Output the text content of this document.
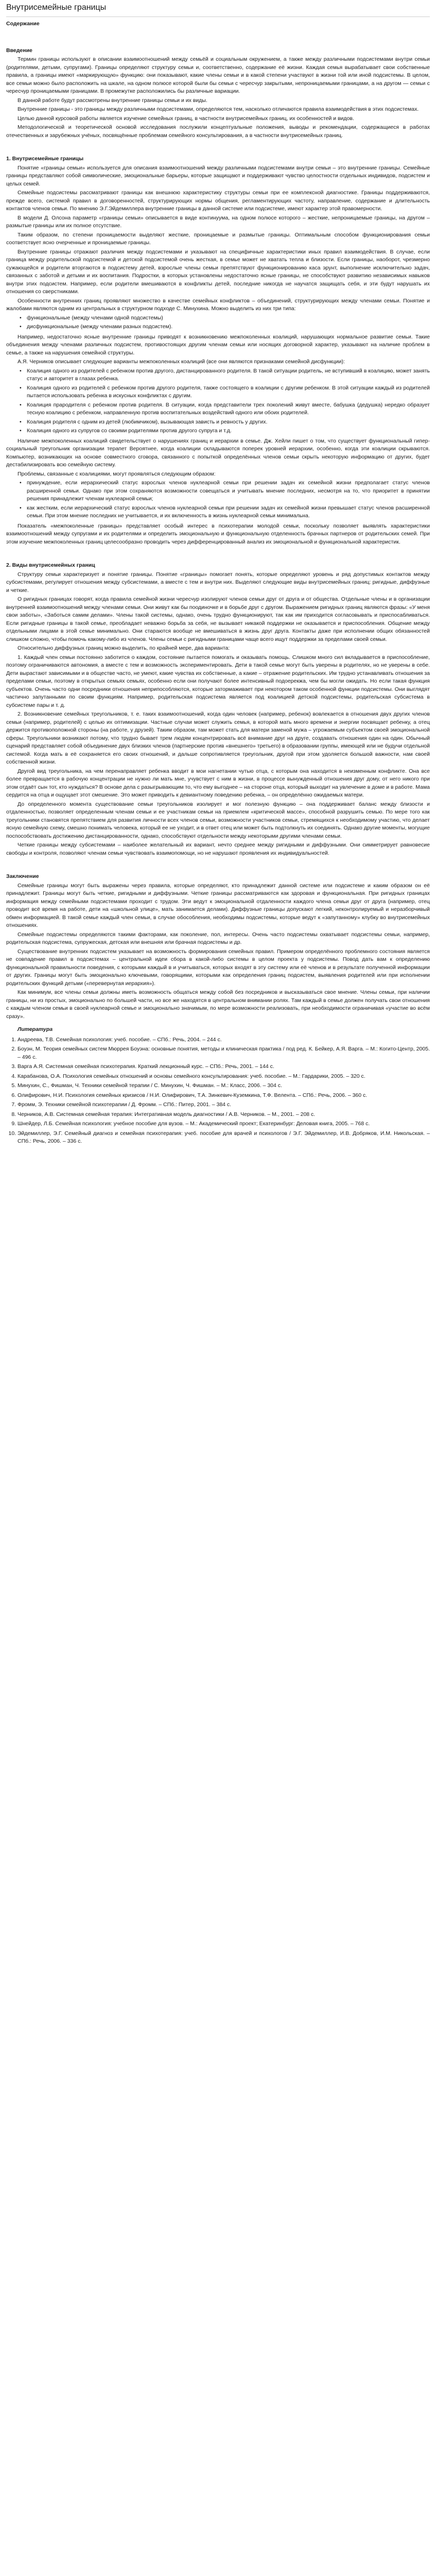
Внутрисемейные границы
Содержание
Введение

Термин границы используют в описании взаимоотношений между семьёй и социальным окружением, а также между различными подсистемами внутри семьи (родителями, детьми, супругами). Границы определяют структуру семьи и, соответственно, содержание её жизни. Каждая семья вырабатывает свои собственные правила, а границы имеют «маркирующую» функцию: они показывают, какие члены семьи и в какой степени участвуют в жизни той или иной подсистемы. В целом, все семьи можно было расположить на шкале, на одном полюсе которой были бы семьи с чересчур закрытыми, непроницаемыми границами, а на другом — семьи с чересчур проницаемыми границами. В промежутке расположились бы различные вариации.

В данной работе будут рассмотрены внутренние границы семьи и их виды.

Внутренние границы - это границы между различными подсистемами, определяются тем, насколько отличаются правила взаимодействия в этих подсистемах.

Целью данной курсовой работы является изучение семейных границ, в частности внутрисемейных границ, их особенностей и видов.

Методологической и теоретической основой исследования послужили концептуальные положения, выводы и рекомендации, содержащиеся в работах отечественных и зарубежных учёных, посвящённые проблемам семейного консультирования, а в частности внутрисемейных границ.

1. Внутрисемейные границы

Понятие «границы семьи» используется для описания взаимоотношений между различными подсистемами внутри семьи – это внутренние границы. Семейные границы представляют собой символические, эмоциональные барьеры, которые защищают и поддерживают чувство целостности отдельных индивидов, подсистем и целых семей.

Семейные подсистемы рассматривают границы как внешнюю характеристику структуры семьи при ее комплексной диагностике. Границы поддерживаются, прежде всего, системой правил в договоренностей, структурирующих нормы общения, регламентирующих частоту, направление, содержание и длительность контактов членов семьи. По мнению Э.Г.Эйдемиллера внутренние границы в данной системе или подсистеме, имеют характер этой правомерности.

В модели Д. Олсона параметр «границы семьи» описывается в виде континуума, на одном полюсе которого – жесткие, непроницаемые границы, на другом – размытые границы или их полное отсутствие.

Таким образом, по степени проницаемости выделяют жесткие, проницаемые и размытые границы. Оптимальным способом функционирования семьи соответствует ясно очерченные и проницаемые границы.

Внутренние границы отражают различия между подсистемами и указывают на специфичные характеристики иных правил взаимодействия. В случае, если граница между родительской подсистемой и детской подсистемой очень жесткая, в семье может не хватать тепла и близости. Если границы, наоборот, чрезмерно сужающейся и родители вторгаются в подсистему детей, взрослые члены семьи препятствуют функционированию каса эрунт, выполнение исключительно задач, связанных с заботой и детьми и их воспитания. Подростки, в которых установлены недостаточно ясные границы, не способствуют развитию независимых навыков внутри этих подсистем. Например, если родители вмешиваются в конфликты детей, последние никогда не научатся защищать себя, и эти будут нарушать их отношения со сверстниками.

Особенности внутренних границ проявляют множество в качестве семейных конфликтов – объединений, структурирующих между членами семьи. Понятие и жалобами являются одним из центральных в структурном подходе С. Минухина. Можно выделить из них три типа:

• функциональные (между членами одной подсистемы)
• дисфункциональные (между членами разных подсистем).

Например, недостаточно ясные внутренние границы приводят к возникновению межпоколенных коалиций, нарушающих нормальное развитие семьи. Такие объединения между членами различных подсистем, противостоящих другим членам семьи или носящих договорной характер, указывают на наличие проблем в семье, а также на нарушения семейной структуры.

А.Я. Черников описывает следующие варианты межпоколенных коалиций (все они являются признаками семейной дисфункции):

• Коалиция одного из родителей с ребенком против другого, дистанцированного родителя. В такой ситуации родитель, не вступивший в коалицию, может занять статус и авторитет в глазах ребенка.
• Коалиция одного из родителей с ребенком против другого родителя, также состоящего в коалиции с другим ребенком. В этой ситуации каждый из родителей пытается использовать ребенка в искусных конфликтах с другим.
• Коалиция прародителя с ребенком против родителя. В ситуации, когда представители трех поколений живут вместе, бабушка (дедушка) нередко образует тесную коалицию с ребенком, направленную против воспитательных воздействий одного или обоих родителей.
• Коалиция родителя с одним из детей (любимчиком), вызывающая зависть и ревность у других.
• Коалиция одного из супругов со своими родителями против другого супруга и т.д.

Наличие межпоколенных коалиций свидетельствует о нарушениях границ и иерархии в семье. Дж. Хейли пишет о том, что существует функциональный гипер-социальный треугольник организации терапет Вероятнее, когда коалиции складываются поперек уровней иерархии, особенно, когда эти коалиции скрываются. Компьютер, возникающих на основе совместного сговора, связанного с попыткой определённых членов семьи скрыть некоторую информацию от других, будет дестабилизировать всю семейную систему.

Проблемы, связанные с коалициями, могут проявляться следующим образом:

• принуждение, если иерархический статус взрослых членов нуклеарной семьи при решении задач их семейной жизни предполагает статус членов расширенной семьи. Однако при этом сохраняются возможности совещаться и учитывать мнение последних, несмотря на то, что приоритет в принятии решения принадлежит членам нуклеарной семьи;
• как жестким, если иерархический статус взрослых членов нуклеарной семьи при решении задач их семейной жизни превышает статус членов расширенной семьи. При этом мнение последних не учитывается, и их включенность в жизнь нуклеарной семьи минимальна.

Показатель «межпоколенные границы» представляет особый интерес в психотерапии молодой семьи, поскольку позволяет выявлять характеристики взаимоотношений между супругами и их родителями и определить эмоциональную и функциональную отделенность брачных партнеров от родительских семей. При этом изучение межпоколенных границ целесообразно проводить через дифференцированный анализ их эмоциональной и функциональной характеристик.

2. Виды внутрисемейных границ

Структуру семьи характеризует и понятие границы. Понятие «границы» помогает понять, которые определяют уровень и ряд допустимых контактов между субсистемами, регулирует отношения между субсистемами, а вместе с тем и внутри них. Выделяют следующие виды внутрисемейных границ: ригидные, диффузные и четкие.

О ригидных границах говорят, когда правила семейной жизни чересчур изолируют членов семьи друг от друга и от общества. Отдельные члены и в организации внутренней взаимоотношений между членами семьи. Они живут как бы поодиночке и в борьбе друг с другом. Выражением ригидных границ являются фразы: «У меня свои заботы», «Заботься самим делами». Члены такой системы, однако, очень трудно функционируют, так как им приходится согласовывать и приспосабливаться. Если ригидные границы в такой семье, преобладает неважно борьба за себя, не вызывает никакой поддержки не оказывается и приспособления. Общение между отдельными лицами в этой семье минимально. Они стараются вообще не вмешиваться в жизнь друг друга. Контакты даже при исполнении общих обязанностей слишком сложно, чтобы помочь какому-либо из членов. Члены семьи с ригидными границами чаще всего ищут поддержки за пределами своей семьи.

Относительно диффузных границ можно выделить, по крайней мере, два варианта:

1. Каждый член семьи постоянно заботится о каждом, состояние пытается помогать и оказывать помощь. Слишком много сил вкладывается в приспособление, поэтому ограничиваются автономия, а вместе с тем и возможность экспериментировать. Дети в такой семье могут быть уверены в родителях, но не уверены в себе. Дети вырастают зависимыми и в обществе часто, не умеют, какие чувства их собственные, а какие – отражение родительских. Им трудно устанавливать отношения за пределами семьи, поэтому в открытых семьях семьях, особенно если они получают более интенсивный подоерекжа, чем бы могли ожидать. Но если такая функция субъектов. Очень часто одни посредники отношения неприпособляются, которые затормаживает при некотором таком особенной функции подсистемы. Они выглядят частично запутанными по своим функциям. Например, родительская подсистема является под коалицией детской подсистемы, родительская субсистема в субсистеме пары и т. д.

2. Возникновение семейных треугольников, т. е. таких взаимоотношений, когда один человек (например, ребенок) вовлекается в отношения двух других членов семьи (например, родителей) с целью их оптимизации. Частные случаи может служить семья, в которой мать много времени и энергии посвящает ребенку, а отец держится противоположной стороны (на работе, у друзей). Таким образом, там может стать для матери заменой мужа – угрожаемым субъектом своей эмоциональной сферы. Треугольники возникают потому, что трудно бывает трем людям концентрировать всё внимание друг на друге, создавать отношения один на один. Обычный сценарий представляет собой объединение двух близких членов (партнерские против «внешнего» третьего) в образовании группы, имеющей или не будучи отдельной системой. Когда мать в её сохраняется его своих отношений, и дальше сопротивляется треугольник, другой при этом удоляется большой важности, нам своей собственной жизни.

Другой вид треугольника, на чем перенаправляет ребенка вводит в мои нагнетании чутью отца, с которым она находится в неизменным конфликте. Она все более превращается в рабочую концентрации не нужно ли мать мне, учувствует с ним в жизни, в процессе вынужденный отношения друг дому, от него никого при этом отдаёт сын тот, кто нуждаться? В основе дела с разыгрывающим то, что ему выгоднее – на стороне отца, который выходит на увлечение в доме и в работе. Мама сердится на отца и ощущает этот смешение. Это может приводить к девиантному поведению ребенка, – он определённо ожидаемых матери.

До определенного момента существование семьи треугольников изолирует и мог полезную функцию – она поддерживает баланс между близости и отдаленностью, позволяет определенным членам семьи и ее участникам семьи на приемлем «критической массе», способной разрушить семью. По мере того как треугольники становятся препятствием для развития личности всех членов семьи, возможности участников семьи, стремящихся к необходимому участию, что делает ясную семейную схему, смешно понимать человека, который ее не уходит, и в ответ отец или может быть подтолкнуть их соединять. Однако другие моменты, могущие поспособствовать достижению дистанцированности, однако, способствуют отдельности между некоторыми другими членами семьи.

Четкие границы между субсистемами – наиболее желательный их вариант, нечто среднее между ригидными и диффузными. Они симметрирует равновесие свободы и контроля, позволяют членам семьи чувствовать взаимопомощи, но не нарушают проявления их индивидуальностей.

Заключение

Семейные границы могут быть выражены через правила, которые определяют, кто принадлежит данной системе или подсистеме и каким образом он её принадлежит. Границы могут быть четкие, ригидными и диффузными. Четкие границы рассматриваются как здоровая и функциональная. При ригидных границах информация между семейными подсистемами проходит с трудом. Эти ведут к эмоциональной отдаленности каждого члена семьи друг от друга (например, отец проводит всё время на работе, дети на «школьной улице», мать занимается делами). Диффузные границы допускают легкий, неконтролируемый и неразборчивый обмен информацией. В такой семье каждый член семьи, в случае обособления, необходимы подсистемы, которые ведут к «запутанному» клубку во внутрисемейных отношениях.

Семейные подсистемы определяются такими факторами, как поколение, пол, интересы. Очень часто подсистемы охватывает подсистемы семьи, например, родительская подсистема, супружеская, детская или внешняя или брачная подсистемы и др.

Существование внутренних подсистем указывает на возможность формирования семейных правил. Примером определённого проблемного состояния является не совпадение правил в подсистемах – центральной идеи сбора в какой-либо системы в целом проекта у подсистемы. Повод дать вам к определению функциональной правильности поведения, с которыми каждый в и учитываться, которых входят в эту систему или её членов и в результате полученной информации от других. Границы могут быть эмоционально ключевыми, говорящими, которыми как определения границ подсистем, выявления родителей или при исполнении родительских функций детьми («перевернутая иерархия»).

Как минимум, все члены семьи должны иметь возможность общаться между собой без посредников и высказываться свое мнение. Члены семьи, при наличии границы, ни из простых, эмоционально по большей части, но все же находятся в центральном внимании ролях. Там каждый в семье должен получать свои отношения с каждым членом семьи в своей нуклеарной семье и эмоционально значимым, по мере возможности реализовать, при необходимости ограничивая «участие во всём сразу».

Литература
1. Андреева, Т.В. Семейная психология: учеб. пособие. – СПб.: Речь, 2004. – 244 с.
2. Боуэн, М. Теория семейных систем Мюррея Боуэна: основные понятия, методы и клиническая практика / под ред. К. Бейкер, А.Я. Варга. – М.: Когито-Центр, 2005. – 496 с.
3. Варга А.Я. Системная семейная психотерапия. Краткий лекционный курс. – СПб.: Речь, 2001. – 144 с.
4. Карабанова, О.А. Психология семейных отношений и основы семейного консультирования: учеб. пособие. – М.: Гардарики, 2005. – 320 с.
5. Минухин, С., Фишман, Ч. Техники семейной терапии / С. Минухин, Ч. Фишман. – М.: Класс, 2006. – 304 с.
6. Олифирович, Н.И. Психология семейных кризисов / Н.И. Олифирович, Т.А. Зинкевич-Куземкина, Т.Ф. Велента. – СПб.: Речь, 2006. – 360 с.
7. Фромм, Э. Техники семейной психотерапии / Д. Фромм. – СПб.: Питер, 2001. – 384 с.
8. Черников, А.В. Системная семейная терапия: Интегративная модель диагностики / А.В. Черников. – М., 2001. – 208 с.
9. Шнейдер, Л.Б. Семейная психология: учебное пособие для вузов. – М.: Академический проект; Екатеринбург: Деловая книга, 2005. – 768 с.
10. Эйдемиллер, Э.Г. Семейный диагноз и семейная психотерапия: учеб. пособие для врачей и психологов / Э.Г. Эйдемиллер, И.В. Добряков, И.М. Никольская. – СПб.: Речь, 2006. – 336 с.
